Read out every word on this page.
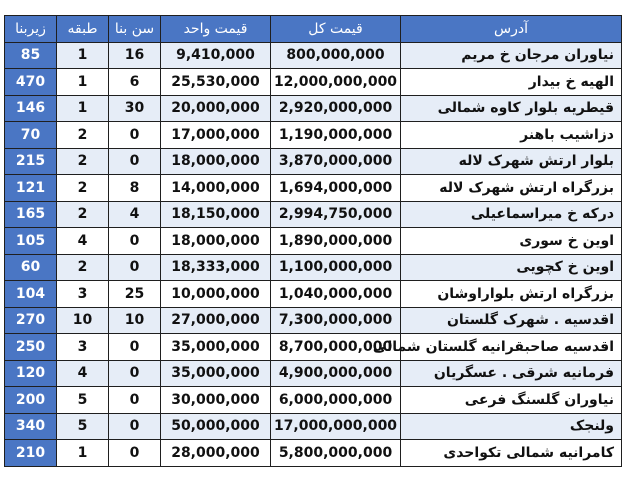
زیربنا	طبقه	سن بنا	قیمت واحد	قیمت کل	آدرس
85	1	16	9,410,000	800,000,000	نیاوران مرجان خ مریم
470	1	6	25,530,000	12,000,000,000	الهیه خ بیدار
146	1	30	20,000,000	2,920,000,000	قیطریه بلوار کاوه شمالی
70	2	0	17,000,000	1,190,000,000	دزاشیب باهنر
215	2	0	18,000,000	3,870,000,000	بلوار ارتش شهرک لاله
121	2	8	14,000,000	1,694,000,000	بزرگراه ارتش شهرک لاله
165	2	4	18,150,000	2,994,750,000	درکه خ میراسماعیلی
105	4	0	18,000,000	1,890,000,000	اوین خ سوری
60	2	0	18,333,000	1,100,000,000	اوین خ کچویی
104	3	25	10,000,000	1,040,000,000	بزرگراه ارتش بلواراوشان
270	10	10	27,000,000	7,300,000,000	اقدسیه . شهرک گلستان
250	3	0	35,000,000	8,700,000,000	اقدسیه صاحبقرانیه گلستان شمالی
120	4	0	35,000,000	4,900,000,000	فرمانیه شرقی . عسگریان
200	5	0	30,000,000	6,000,000,000	نیاوران گلسنگ فرعی
340	5	0	50,000,000	17,000,000,000	ولنجک
210	1	0	28,000,000	5,800,000,000	کامرانیه شمالی تکواحدی
